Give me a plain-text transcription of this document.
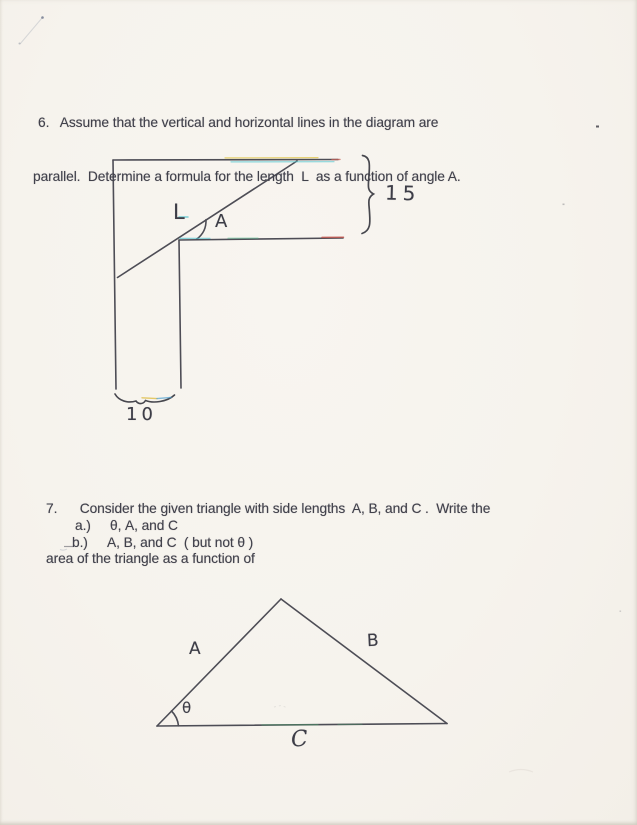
6.   Assume that the vertical and horizontal lines in the diagram are

parallel.  Determine a formula for the length  L  as a function of angle A.

L A
15
10

7.      Consider the given triangle with side lengths  A, B, and C .  Write the

area of the triangle as a function of

a.)	θ, A, and C
b.)	A, B, and C  ( but not θ )
A	B
C
θ
